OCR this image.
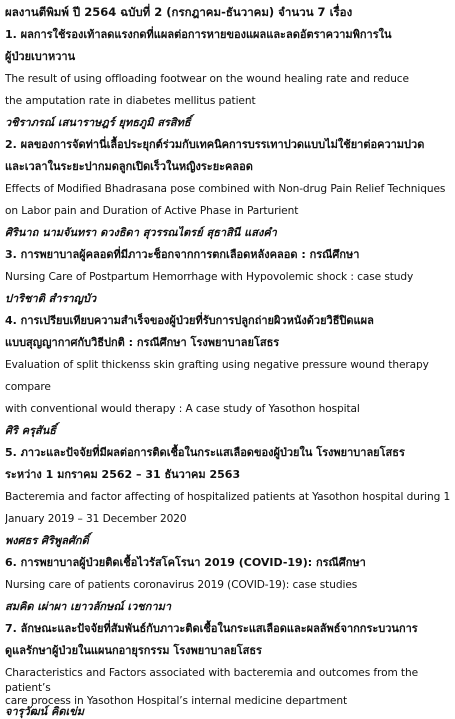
ผลงานตีพิมพ์ ปี 2564 ฉบับที่ 2 (กรกฎาคม-ธันวาคม) จำนวน 7 เรื่อง
1. ผลการใช้รองเท้าลดแรงกดที่แผลต่อการหายของแผลและลดอัตราความพิการใน
ผู้ป่วยเบาหวาน
The result of using offloading footwear on the wound healing rate and reduce
the amputation rate in diabetes mellitus patient
วชิราภรณ์ เสนาราษฎร์ ยุทธภูมิ สรสิทธิ์
2. ผลของการจัดท่านี่เลื้อประยุกต์ร่วมกับเทคนิคการบรรเทาปวดแบบไม่ใช้ยาต่อความปวด
และเวลาในระยะปากมดลูกเปิดเร็วในหญิงระยะคลอด
Effects of Modified Bhadrasana pose combined with Non-drug Pain Relief Techniques
on Labor pain and Duration of Active Phase in Parturient
ศิรินาถ นามจันทรา ดวงธิดา สุวรรณไตรย์ สุธาสินี แสงคำ
3. การพยาบาลผู้คลอดที่มีภาวะช็อกจากการตกเลือดหลังคลอด : กรณีศึกษา
Nursing Care of Postpartum Hemorrhage with Hypovolemic shock : case study
ปาริชาติ สำราญบัว
4. การเปรียบเทียบความสำเร็จของผู้ป่วยที่รับการปลูกถ่ายผิวหนังด้วยวิธีปิดแผล
แบบสุญญากาศกับวิธีปกติ : กรณีศึกษา โรงพยาบาลยโสธร
Evaluation of split thickenss skin grafting using negative pressure wound therapy
compare
with conventional would therapy : A case study of Yasothon hospital
ศิริ ครุสันธิ์
5. ภาวะและปัจจัยที่มีผลต่อการติดเชื้อในกระแสเลือดของผู้ป่วยใน โรงพยาบาลยโสธร
ระหว่าง 1 มกราคม 2562 – 31 ธันวาคม 2563
Bacteremia and factor affecting of hospitalized patients at Yasothon hospital during 1
January 2019 – 31 December 2020
พงศธร ศิริพูลศักดิ์
6. การพยาบาลผู้ป่วยติดเชื้อไวรัสโคโรนา 2019 (COVID-19): กรณีศึกษา
Nursing care of patients coronavirus 2019 (COVID-19): case studies
สมคิด เผ่าผา เยาวลักษณ์ เวชกามา
7. ลักษณะและปัจจัยที่สัมพันธ์กับภาวะติดเชื้อในกระแสเลือดและผลลัพธ์จากกระบวนการ
ดูแลรักษาผู้ป่วยในแผนกอายุรกรรม โรงพยาบาลยโสธร
Characteristics and Factors associated with bacteremia and outcomes from the
patient’s
care process in Yasothon Hospital’s internal medicine department
จารุวัฒน์ คิดเข่ม
